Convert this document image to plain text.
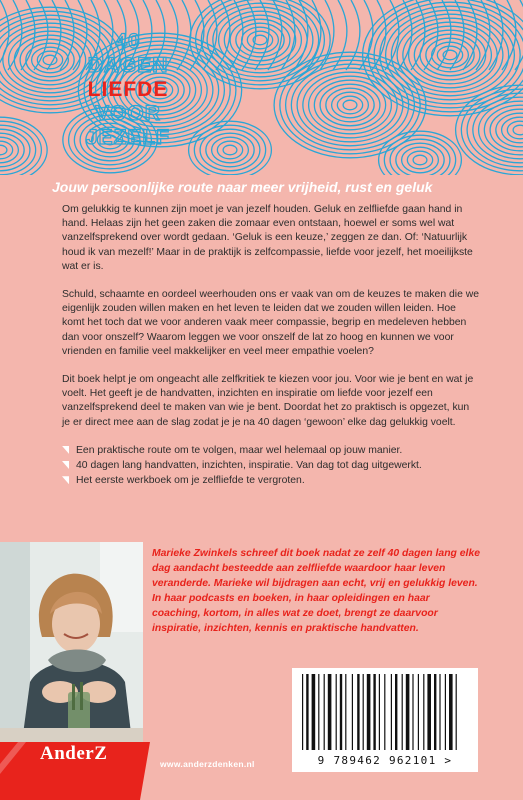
40
DAGEN
LIEFDE
VOOR
JEZELF
Jouw persoonlijke route naar meer vrijheid, rust en geluk

Om gelukkig te kunnen zijn moet je van jezelf houden. Geluk en zelfliefde gaan hand in hand. Helaas zijn het geen zaken die zomaar even ontstaan, hoewel er soms wel wat vanzelfsprekend over wordt gedaan. ‘Geluk is een keuze,’ zeggen ze dan. Of: ‘Natuurlijk houd ik van mezelf!’ Maar in de praktijk is zelfcompassie, liefde voor jezelf, het moeilijkste wat er is.

Schuld, schaamte en oordeel weerhouden ons er vaak van om de keuzes te maken die we eigenlijk zouden willen maken en het leven te leiden dat we zouden willen leiden. Hoe komt het toch dat we voor anderen vaak meer compassie, begrip en medeleven hebben dan voor onszelf? Waarom leggen we voor onszelf de lat zo hoog en kunnen we voor vrienden en familie veel makkelijker en veel meer empathie voelen?

Dit boek helpt je om ongeacht alle zelfkritiek te kiezen voor jou. Voor wie je bent en wat je voelt. Het geeft je de handvatten, inzichten en inspiratie om liefde voor jezelf een vanzelfsprekend deel te maken van wie je bent. Doordat het zo praktisch is opgezet, kun je er direct mee aan de slag zodat je je na 40 dagen ‘gewoon’ elke dag gelukkig voelt.

Een praktische route om te volgen, maar wel helemaal op jouw manier.
40 dagen lang handvatten, inzichten, inspiratie. Van dag tot dag uitgewerkt.
Het eerste werkboek om je zelfliefde te vergroten.
Marieke Zwinkels schreef dit boek nadat ze zelf 40 dagen lang elke dag aandacht besteedde aan zelfliefde waardoor haar leven veranderde. Marieke wil bijdragen aan echt, vrij en gelukkig leven. In haar podcasts en boeken, in haar opleidingen en haar coaching, kortom, in alles wat ze doet, brengt ze daarvoor inspiratie, inzichten, kennis en praktische handvatten.
9 789462 962101 >
AnderZ	www.anderzdenken.nl
